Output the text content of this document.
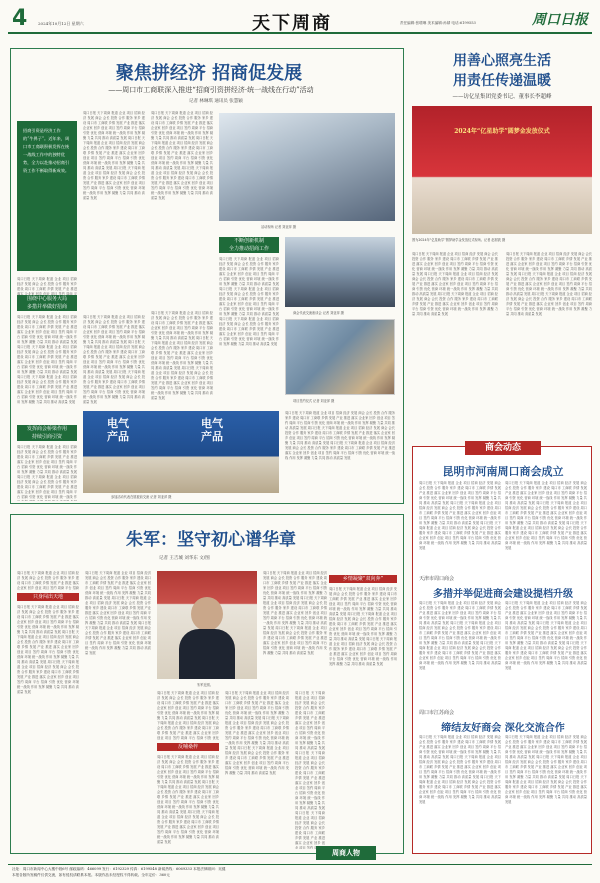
4	2024年10月12日 星期六	天下周商	责任编辑:张增琳 美术编辑:孙婧 电话:6199553	周口日报
聚焦拼经济 招商促发展
——周口市工商联深入推进“招商引资拼经济·统一战线在行动”活动
记者 林琳琪 通讯员 张慧颖
招商引资是经济工作的“牛鼻子”。近年来，周口市工商联积极发挥在统一战线工作中的独特优势，全力以赴推动招商引资工作不断取得新成效。
周口日报 天下周商 报道 企业 项目 招商 经济 发展 商会 会长 投资 合作 服务 家乡 建设 周口市 工商联 乡情 发展 产业 推进 落实 企业家 回乡 创业 项目 签约 周商 平台 招商 引资 优化 营商 环境 统一战线 作用 发挥 凝聚 力量 共同 推动 高质量 发展 周口日报 天下周商 报道 企业 项目 招商 经济 发展 商会 会长 投资 合作 服务 家乡 建设 周口市 工商联 乡情 发展 产业 推进 落实 企业家 回乡 创业 项目 签约 周商 平台 招商 引资 优化 营商 环境 统一战线 作用 发挥 凝聚 力量 共同 推动 高质量 发展 周口日报 天下周商 报道 企业 项目 招商 经济 发展 商会 会长 投资 合作 服务 家乡 建设 周口市 工商联 乡情 发展 产业 推进 落实 企业家 回乡 创业 项目 签约 周商 平台 招商 引资 优化 营商 环境 统一战线 作用 发挥 凝聚 力量 共同 推动 高质量 发展
围绕中心服务大局
多措并举做好招商
周口日报 天下周商 报道 企业 项目 招商 经济 发展 商会 会长 投资 合作 服务 家乡 建设 周口市 工商联 乡情 发展 产业 推进 落实 企业家 回乡 创业 项目 签约 周商 平台 招商 引资 优化 营商 环境 统一战线 作用 发挥 凝聚 力量 共同 推动 高质量 发展 周口日报 天下周商 报道 企业 项目 招商 经济 发展 商会 会长 投资 合作 服务 家乡 建设 周口市 工商联 乡情 发展 产业 推进 落实 企业家 回乡 创业 项目 签约 周商 平台 招商 引资 优化 营商 环境 统一战线 作用 发挥 凝聚 力量 共同 推动 高质量 发展 周口日报 天下周商 报道 企业 项目 招商 经济 发展 商会 会长 投资 合作 服务 家乡 建设 周口市 工商联 乡情 发展 产业 推进 落实 企业家 回乡 创业 项目 签约 周商 平台 招商 引资 优化 营商 环境 统一战线 作用 发挥 凝聚 力量 共同 推动 高质量 发展
发挥商会桥梁作用
持续引商引资
周口日报 天下周商 报道 企业 项目 招商 经济 发展 商会 会长 投资 合作 服务 家乡 建设 周口市 工商联 乡情 发展 产业 推进 落实 企业家 回乡 创业 项目 签约 周商 平台 招商 引资 优化 营商 环境 统一战线 作用 发挥 凝聚 力量 共同 推动 高质量 发展 周口日报 天下周商 报道 企业 项目 招商 经济 发展 商会 会长 投资 合作 服务 家乡 建设 周口市 工商联 乡情 发展 产业 推进 落实 企业家 回乡 创业 项目 签约 周商 平台 招商 引资 优化 营商 环境 统一战线 作用 发挥 凝聚 力量 共同 推动 高质量 发展 周口日报 天下周商 报道 企业 项目 招商 经济 发展 商会 会长 投资 合作 服务 家乡 建设 周口市 工商联 乡情 发展 产业 推进 落实 企业家 回乡 创业 项目 签约 周商 平台 招商 引资 优化 营商 环境 统一战线 作用 发挥 凝聚 力量 共同 推动 高质量 发展
周口日报 天下周商 报道 企业 项目 招商 经济 发展 商会 会长 投资 合作 服务 家乡 建设 周口市 工商联 乡情 发展 产业 推进 落实 企业家 回乡 创业 项目 签约 周商 平台 招商 引资 优化 营商 环境 统一战线 作用 发挥 凝聚 力量 共同 推动 高质量 发展 周口日报 天下周商 报道 企业 项目 招商 经济 发展 商会 会长 投资 合作 服务 家乡 建设 周口市 工商联 乡情 发展 产业 推进 落实 企业家 回乡 创业 项目 签约 周商 平台 招商 引资 优化 营商 环境 统一战线 作用 发挥 凝聚 力量 共同 推动 高质量 发展 周口日报 天下周商 报道 企业 项目 招商 经济 发展 商会 会长 投资 合作 服务 家乡 建设 周口市 工商联 乡情 发展 产业 推进 落实 企业家 回乡 创业 项目 签约 周商 平台 招商 引资 优化 营商 环境 统一战线 作用 发挥 凝聚 力量 共同 推动 高质量 发展
周口日报 天下周商 报道 企业 项目 招商 经济 发展 商会 会长 投资 合作 服务 家乡 建设 周口市 工商联 乡情 发展 产业 推进 落实 企业家 回乡 创业 项目 签约 周商 平台 招商 引资 优化 营商 环境 统一战线 作用 发挥 凝聚 力量 共同 推动 高质量 发展 周口日报 天下周商 报道 企业 项目 招商 经济 发展 商会 会长 投资 合作 服务 家乡 建设 周口市 工商联 乡情 发展 产业 推进 落实 企业家 回乡 创业 项目 签约 周商 平台 招商 引资 优化 营商 环境 统一战线 作用 发挥 凝聚 力量 共同 推动 高质量 发展 周口日报 天下周商 报道 企业 项目 招商 经济 发展 商会 会长 投资 合作 服务 家乡 建设 周口市 工商联 乡情 发展 产业 推进 落实 企业家 回乡 创业 项目 签约 周商 平台 招商 引资 优化 营商 环境 统一战线 作用 发挥 凝聚 力量 共同 推动 高质量 发展
周口日报 天下周商 报道 企业 项目 招商 经济 发展 商会 会长 投资 合作 服务 家乡 建设 周口市 工商联 乡情 发展 产业 推进 落实 企业家 回乡 创业 项目 签约 周商 平台 招商 引资 优化 营商 环境 统一战线 作用 发挥 凝聚 力量 共同 推动 高质量 发展 周口日报 天下周商 报道 企业 项目 招商 经济 发展 商会 会长 投资 合作 服务 家乡 建设 周口市 工商联 乡情 发展 产业 推进 落实 企业家 回乡 创业 项目 签约 周商 平台 招商 引资 优化 营商 环境 统一战线 作用 发挥 凝聚 力量 共同 推动 高质量 发展 周口日报 天下周商 报道 企业 项目 招商 经济 发展 商会 会长 投资 合作 服务 家乡 建设 周口市 工商联 乡情 发展 产业 推进 落实 企业家 回乡 创业 项目 签约 周商 平台 招商 引资 优化 营商 环境 统一战线 作用 发挥 凝聚 力量 共同 推动 高质量 发展
周口日报 天下周商 报道 企业 项目 招商 经济 发展 商会 会长 投资 合作 服务 家乡 建设 周口市 工商联 乡情 发展 产业 推进 落实 企业家 回乡 创业 项目 签约 周商 平台 招商 引资 优化 营商 环境 统一战线 作用 发挥 凝聚 力量 共同 推动 高质量 发展 周口日报 天下周商 报道 企业 项目 招商 经济 发展 商会 会长 投资 合作 服务 家乡 建设 周口市 工商联 乡情 发展 产业 推进 落实 企业家 回乡 创业 项目 签约 周商 平台 招商 引资 优化 营商 环境 统一战线 作用 发挥 凝聚 力量 共同 推动 高质量 发展 周口日报 天下周商 报道 企业 项目 招商 经济 发展 商会 会长 投资 合作 服务 家乡 建设 周口市 工商联 乡情 发展 产业 推进 落实 企业家 回乡 创业 项目 签约 周商 平台 招商 引资 优化 营商 环境 统一战线 作用 发挥 凝聚 力量 共同 推动 高质量 发展
活动现场 记者 刘亚萍 摄
不断创新机制
全力推动招商工作
周口日报 天下周商 报道 企业 项目 招商 经济 发展 商会 会长 投资 合作 服务 家乡 建设 周口市 工商联 乡情 发展 产业 推进 落实 企业家 回乡 创业 项目 签约 周商 平台 招商 引资 优化 营商 环境 统一战线 作用 发挥 凝聚 力量 共同 推动 高质量 发展 周口日报 天下周商 报道 企业 项目 招商 经济 发展 商会 会长 投资 合作 服务 家乡 建设 周口市 工商联 乡情 发展 产业 推进 落实 企业家 回乡 创业 项目 签约 周商 平台 招商 引资 优化 营商 环境 统一战线 作用 发挥 凝聚 力量 共同 推动 高质量 发展 周口日报 天下周商 报道 企业 项目 招商 经济 发展 商会 会长 投资 合作 服务 家乡 建设 周口市 工商联 乡情 发展 产业 推进 落实 企业家 回乡 创业 项目 签约 周商 平台 招商 引资 优化 营商 环境 统一战线 作用 发挥 凝聚 力量 共同 推动 高质量 发展
商会代表交流座谈会 记者 刘亚萍 摄
项目签约仪式 记者 刘亚萍 摄
电气
产品
电气
产品
参加活动代表在展板前交流 记者 刘亚萍 摄
周口日报 天下周商 报道 企业 项目 招商 经济 发展 商会 会长 投资 合作 服务 家乡 建设 周口市 工商联 乡情 发展 产业 推进 落实 企业家 回乡 创业 项目 签约 周商 平台 招商 引资 优化 营商 环境 统一战线 作用 发挥 凝聚 力量 共同 推动 高质量 发展 周口日报 天下周商 报道 企业 项目 招商 经济 发展 商会 会长 投资 合作 服务 家乡 建设 周口市 工商联 乡情 发展 产业 推进 落实 企业家 回乡 创业 项目 签约 周商 平台 招商 引资 优化 营商 环境 统一战线 作用 发挥 凝聚 力量 共同 推动 高质量 发展 周口日报 天下周商 报道 企业 项目 招商 经济 发展 商会 会长 投资 合作 服务 家乡 建设 周口市 工商联 乡情 发展 产业 推进 落实 企业家 回乡 创业 项目 签约 周商 平台 招商 引资 优化 营商 环境 统一战线 作用 发挥 凝聚 力量 共同 推动 高质量 发展
朱军：坚守初心谱华章
记者 王吉城 刘华东 文/图
周口日报 天下周商 报道 企业 项目 招商 经济 发展 商会 会长 投资 合作 服务 家乡 建设 周口市 工商联 乡情 发展 产业 推进 落实 企业家 回乡 创业 项目 签约 周商 平台 招商 引资 优化 营商 环境 统一战线 作用 发挥 凝聚 力量 共同 推动 高质量 发展 周口日报 天下周商 报道 企业 项目 招商 经济 发展 商会 会长 投资 合作 服务 家乡 建设 周口市 工商联 乡情 发展 产业 推进 落实 企业家 回乡 创业 项目 签约 周商 平台 招商 引资 优化 营商 环境 统一战线 作用 发挥 凝聚 力量 共同 推动 高质量 发展 周口日报 天下周商 报道 企业 项目 招商 经济 发展 商会 会长 投资 合作 服务 家乡 建设 周口市 工商联 乡情 发展 产业 推进 落实 企业家 回乡 创业 项目 签约 周商 平台 招商 引资 优化 营商 环境 统一战线 作用 发挥 凝聚 力量 共同 推动 高质量 发展
只身闯出天地
周口日报 天下周商 报道 企业 项目 招商 经济 发展 商会 会长 投资 合作 服务 家乡 建设 周口市 工商联 乡情 发展 产业 推进 落实 企业家 回乡 创业 项目 签约 周商 平台 招商 引资 优化 营商 环境 统一战线 作用 发挥 凝聚 力量 共同 推动 高质量 发展 周口日报 天下周商 报道 企业 项目 招商 经济 发展 商会 会长 投资 合作 服务 家乡 建设 周口市 工商联 乡情 发展 产业 推进 落实 企业家 回乡 创业 项目 签约 周商 平台 招商 引资 优化 营商 环境 统一战线 作用 发挥 凝聚 力量 共同 推动 高质量 发展 周口日报 天下周商 报道 企业 项目 招商 经济 发展 商会 会长 投资 合作 服务 家乡 建设 周口市 工商联 乡情 发展 产业 推进 落实 企业家 回乡 创业 项目 签约 周商 平台 招商 引资 优化 营商 环境 统一战线 作用 发挥 凝聚 力量 共同 推动 高质量 发展
周口日报 天下周商 报道 企业 项目 招商 经济 发展 商会 会长 投资 合作 服务 家乡 建设 周口市 工商联 乡情 发展 产业 推进 落实 企业家 回乡 创业 项目 签约 周商 平台 招商 引资 优化 营商 环境 统一战线 作用 发挥 凝聚 力量 共同 推动 高质量 发展 周口日报 天下周商 报道 企业 项目 招商 经济 发展 商会 会长 投资 合作 服务 家乡 建设 周口市 工商联 乡情 发展 产业 推进 落实 企业家 回乡 创业 项目 签约 周商 平台 招商 引资 优化 营商 环境 统一战线 作用 发挥 凝聚 力量 共同 推动 高质量 发展 周口日报 天下周商 报道 企业 项目 招商 经济 发展 商会 会长 投资 合作 服务 家乡 建设 周口市 工商联 乡情 发展 产业 推进 落实 企业家 回乡 创业 项目 签约 周商 平台 招商 引资 优化 营商 环境 统一战线 作用 发挥 凝聚 力量 共同 推动 高质量 发展
朱军近照。
反哺桑梓
周口日报 天下周商 报道 企业 项目 招商 经济 发展 商会 会长 投资 合作 服务 家乡 建设 周口市 工商联 乡情 发展 产业 推进 落实 企业家 回乡 创业 项目 签约 周商 平台 招商 引资 优化 营商 环境 统一战线 作用 发挥 凝聚 力量 共同 推动 高质量 发展 周口日报 天下周商 报道 企业 项目 招商 经济 发展 商会 会长 投资 合作 服务 家乡 建设 周口市 工商联 乡情 发展 产业 推进 落实 企业家 回乡 创业 项目 签约 周商 平台 招商 引资 优化 营商 环境 统一战线 作用 发挥 凝聚 力量 共同 推动 高质量 发展 周口日报 天下周商 报道 企业 项目 招商 经济 发展 商会 会长 投资 合作 服务 家乡 建设 周口市 工商联 乡情 发展 产业 推进 落实 企业家 回乡 创业 项目 签约 周商 平台 招商 引资 优化 营商 环境 统一战线 作用 发挥 凝聚 力量 共同 推动 高质量 发展
周口日报 天下周商 报道 企业 项目 招商 经济 发展 商会 会长 投资 合作 服务 家乡 建设 周口市 工商联 乡情 发展 产业 推进 落实 企业家 回乡 创业 项目 签约 周商 平台 招商 引资 优化 营商 环境 统一战线 作用 发挥 凝聚 力量 共同 推动 高质量 发展 周口日报 天下周商 报道 企业 项目 招商 经济 发展 商会 会长 投资 合作 服务 家乡 建设 周口市 工商联 乡情 发展 产业 推进 落实 企业家 回乡 创业 项目 签约 周商 平台 招商 引资 优化 营商 环境 统一战线 作用 发挥 凝聚 力量 共同 推动 高质量 发展 周口日报 天下周商 报道 企业 项目 招商 经济 发展 商会 会长 投资 合作 服务 家乡 建设 周口市 工商联 乡情 发展 产业 推进 落实 企业家 回乡 创业 项目 签约 周商 平台 招商 引资 优化 营商 环境 统一战线 作用 发挥 凝聚 力量 共同 推动 高质量 发展
周口日报 天下周商 报道 企业 项目 招商 经济 发展 商会 会长 投资 合作 服务 家乡 建设 周口市 工商联 乡情 发展 产业 推进 落实 企业家 回乡 创业 项目 签约 周商 平台 招商 引资 优化 营商 环境 统一战线 作用 发挥 凝聚 力量 共同 推动 高质量 发展 周口日报 天下周商 报道 企业 项目 招商 经济 发展 商会 会长 投资 合作 服务 家乡 建设 周口市 工商联 乡情 发展 产业 推进 落实 企业家 回乡 创业 项目 签约 周商 平台 招商 引资 优化 营商 环境 统一战线 作用 发挥 凝聚 力量 共同 推动 高质量 发展 周口日报 天下周商 报道 企业 项目 招商 经济 发展 商会 会长 投资 合作 服务 家乡 建设 周口市 工商联 乡情 发展 产业 推进 落实 企业家 回乡 创业 项目 签约 周商 平台 招商 引资 优化 营商 环境 统一战线 作用 发挥 凝聚 力量 共同 推动 高质量 发展
周口日报 天下周商 报道 企业 项目 招商 经济 发展 商会 会长 投资 合作 服务 家乡 建设 周口市 工商联 乡情 发展 产业 推进 落实 企业家 回乡 创业 项目 签约 周商 平台 招商 引资 优化 营商 环境 统一战线 作用 发挥 凝聚 力量 共同 推动 高质量 发展 周口日报 天下周商 报道 企业 项目 招商 经济 发展 商会 会长 投资 合作 服务 家乡 建设 周口市 工商联 乡情 发展 产业 推进 落实 企业家 回乡 创业 项目 签约 周商 平台 招商 引资 优化 营商 环境 统一战线 作用 发挥 凝聚 力量 共同 推动 高质量 发展 周口日报 天下周商 报道 企业 项目 招商 经济 发展 商会 会长 投资 合作 服务 家乡 建设 周口市 工商联 乡情 发展 产业 推进 落实 企业家 回乡 创业 项目 签约 周商 平台 招商 引资 优化 营商 环境 统一战线 作用 发挥 凝聚 力量 共同 推动 高质量 发展
乡情凝聚“双向奔”
周口日报 天下周商 报道 企业 项目 招商 经济 发展 商会 会长 投资 合作 服务 家乡 建设 周口市 工商联 乡情 发展 产业 推进 落实 企业家 回乡 创业 项目 签约 周商 平台 招商 引资 优化 营商 环境 统一战线 作用 发挥 凝聚 力量 共同 推动 高质量 发展 周口日报 天下周商 报道 企业 项目 招商 经济 发展 商会 会长 投资 合作 服务 家乡 建设 周口市 工商联 乡情 发展 产业 推进 落实 企业家 回乡 创业 项目 签约 周商 平台 招商 引资 优化 营商 环境 统一战线 作用 发挥 凝聚 力量 共同 推动 高质量 发展 周口日报 天下周商 报道 企业 项目 招商 经济 发展 商会 会长 投资 合作 服务 家乡 建设 周口市 工商联 乡情 发展 产业 推进 落实 企业家 回乡 创业 项目 签约 周商 平台 招商 引资 优化 营商 环境 统一战线 作用 发挥 凝聚 力量 共同 推动 高质量 发展
周口日报 天下周商 报道 企业 项目 招商 经济 发展 商会 会长 投资 合作 服务 家乡 建设 周口市 工商联 乡情 发展 产业 推进 落实 企业家 回乡 创业 项目 签约 周商 平台 招商 引资 优化 营商 环境 统一战线 作用 发挥 凝聚 力量 共同 推动 高质量 发展 周口日报 天下周商 报道 企业 项目 招商 经济 发展 商会 会长 投资 合作 服务 家乡 建设 周口市 工商联 乡情 发展 产业 推进 落实 企业家 回乡 创业 项目 签约 周商 平台 招商 引资 优化 营商 环境 统一战线 作用 发挥 凝聚 力量 共同 推动 高质量 发展 周口日报 天下周商 报道 企业 项目 招商 经济 发展 商会 会长 投资 合作 服务 家乡 建设 周口市 工商联 乡情 发展 产业 推进 落实 企业家 回乡 创业 项目 签约 周商 平台 招商 引资 优化 营商 环境 统一战线 作用 发挥 凝聚 力量 共同 推动 高质量 发展
用善心照亮生活
用责任传递温暖
——访亿星集团党委书记、董事长李超峰
2024年“亿星助学”圆梦金发放仪式
图为2024年“亿星助学”圆梦助学金发放仪式现场。记者 赵树波 摄
周口日报 天下周商 报道 企业 项目 招商 经济 发展 商会 会长 投资 合作 服务 家乡 建设 周口市 工商联 乡情 发展 产业 推进 落实 企业家 回乡 创业 项目 签约 周商 平台 招商 引资 优化 营商 环境 统一战线 作用 发挥 凝聚 力量 共同 推动 高质量 发展 周口日报 天下周商 报道 企业 项目 招商 经济 发展 商会 会长 投资 合作 服务 家乡 建设 周口市 工商联 乡情 发展 产业 推进 落实 企业家 回乡 创业 项目 签约 周商 平台 招商 引资 优化 营商 环境 统一战线 作用 发挥 凝聚 力量 共同 推动 高质量 发展 周口日报 天下周商 报道 企业 项目 招商 经济 发展 商会 会长 投资 合作 服务 家乡 建设 周口市 工商联 乡情 发展 产业 推进 落实 企业家 回乡 创业 项目 签约 周商 平台 招商 引资 优化 营商 环境 统一战线 作用 发挥 凝聚 力量 共同 推动 高质量 发展
周口日报 天下周商 报道 企业 项目 招商 经济 发展 商会 会长 投资 合作 服务 家乡 建设 周口市 工商联 乡情 发展 产业 推进 落实 企业家 回乡 创业 项目 签约 周商 平台 招商 引资 优化 营商 环境 统一战线 作用 发挥 凝聚 力量 共同 推动 高质量 发展 周口日报 天下周商 报道 企业 项目 招商 经济 发展 商会 会长 投资 合作 服务 家乡 建设 周口市 工商联 乡情 发展 产业 推进 落实 企业家 回乡 创业 项目 签约 周商 平台 招商 引资 优化 营商 环境 统一战线 作用 发挥 凝聚 力量 共同 推动 高质量 发展 周口日报 天下周商 报道 企业 项目 招商 经济 发展 商会 会长 投资 合作 服务 家乡 建设 周口市 工商联 乡情 发展 产业 推进 落实 企业家 回乡 创业 项目 签约 周商 平台 招商 引资 优化 营商 环境 统一战线 作用 发挥 凝聚 力量 共同 推动 高质量 发展
商会动态
昆明市河南周口商会成立
周口日报 天下周商 报道 企业 项目 招商 经济 发展 商会 会长 投资 合作 服务 家乡 建设 周口市 工商联 乡情 发展 产业 推进 落实 企业家 回乡 创业 项目 签约 周商 平台 招商 引资 优化 营商 环境 统一战线 作用 发挥 凝聚 力量 共同 推动 高质量 发展 周口日报 天下周商 报道 企业 项目 招商 经济 发展 商会 会长 投资 合作 服务 家乡 建设 周口市 工商联 乡情 发展 产业 推进 落实 企业家 回乡 创业 项目 签约 周商 平台 招商 引资 优化 营商 环境 统一战线 作用 发挥 凝聚 力量 共同 推动 高质量 发展 周口日报 天下周商 报道 企业 项目 招商 经济 发展 商会 会长 投资 合作 服务 家乡 建设 周口市 工商联 乡情 发展 产业 推进 落实 企业家 回乡 创业 项目 签约 周商 平台 招商 引资 优化 营商 环境 统一战线 作用 发挥 凝聚 力量 共同 推动 高质量 发展
周口日报 天下周商 报道 企业 项目 招商 经济 发展 商会 会长 投资 合作 服务 家乡 建设 周口市 工商联 乡情 发展 产业 推进 落实 企业家 回乡 创业 项目 签约 周商 平台 招商 引资 优化 营商 环境 统一战线 作用 发挥 凝聚 力量 共同 推动 高质量 发展 周口日报 天下周商 报道 企业 项目 招商 经济 发展 商会 会长 投资 合作 服务 家乡 建设 周口市 工商联 乡情 发展 产业 推进 落实 企业家 回乡 创业 项目 签约 周商 平台 招商 引资 优化 营商 环境 统一战线 作用 发挥 凝聚 力量 共同 推动 高质量 发展 周口日报 天下周商 报道 企业 项目 招商 经济 发展 商会 会长 投资 合作 服务 家乡 建设 周口市 工商联 乡情 发展 产业 推进 落实 企业家 回乡 创业 项目 签约 周商 平台 招商 引资 优化 营商 环境 统一战线 作用 发挥 凝聚 力量 共同 推动 高质量 发展
天津市周口商会
多措并举促进商会建设提档升级
周口日报 天下周商 报道 企业 项目 招商 经济 发展 商会 会长 投资 合作 服务 家乡 建设 周口市 工商联 乡情 发展 产业 推进 落实 企业家 回乡 创业 项目 签约 周商 平台 招商 引资 优化 营商 环境 统一战线 作用 发挥 凝聚 力量 共同 推动 高质量 发展 周口日报 天下周商 报道 企业 项目 招商 经济 发展 商会 会长 投资 合作 服务 家乡 建设 周口市 工商联 乡情 发展 产业 推进 落实 企业家 回乡 创业 项目 签约 周商 平台 招商 引资 优化 营商 环境 统一战线 作用 发挥 凝聚 力量 共同 推动 高质量 发展 周口日报 天下周商 报道 企业 项目 招商 经济 发展 商会 会长 投资 合作 服务 家乡 建设 周口市 工商联 乡情 发展 产业 推进 落实 企业家 回乡 创业 项目 签约 周商 平台 招商 引资 优化 营商 环境 统一战线 作用 发挥 凝聚 力量 共同 推动 高质量 发展
周口日报 天下周商 报道 企业 项目 招商 经济 发展 商会 会长 投资 合作 服务 家乡 建设 周口市 工商联 乡情 发展 产业 推进 落实 企业家 回乡 创业 项目 签约 周商 平台 招商 引资 优化 营商 环境 统一战线 作用 发挥 凝聚 力量 共同 推动 高质量 发展 周口日报 天下周商 报道 企业 项目 招商 经济 发展 商会 会长 投资 合作 服务 家乡 建设 周口市 工商联 乡情 发展 产业 推进 落实 企业家 回乡 创业 项目 签约 周商 平台 招商 引资 优化 营商 环境 统一战线 作用 发挥 凝聚 力量 共同 推动 高质量 发展 周口日报 天下周商 报道 企业 项目 招商 经济 发展 商会 会长 投资 合作 服务 家乡 建设 周口市 工商联 乡情 发展 产业 推进 落实 企业家 回乡 创业 项目 签约 周商 平台 招商 引资 优化 营商 环境 统一战线 作用 发挥 凝聚 力量 共同 推动 高质量 发展
周口市江苏商会
缔结友好商会 深化交流合作
周口日报 天下周商 报道 企业 项目 招商 经济 发展 商会 会长 投资 合作 服务 家乡 建设 周口市 工商联 乡情 发展 产业 推进 落实 企业家 回乡 创业 项目 签约 周商 平台 招商 引资 优化 营商 环境 统一战线 作用 发挥 凝聚 力量 共同 推动 高质量 发展 周口日报 天下周商 报道 企业 项目 招商 经济 发展 商会 会长 投资 合作 服务 家乡 建设 周口市 工商联 乡情 发展 产业 推进 落实 企业家 回乡 创业 项目 签约 周商 平台 招商 引资 优化 营商 环境 统一战线 作用 发挥 凝聚 力量 共同 推动 高质量 发展 周口日报 天下周商 报道 企业 项目 招商 经济 发展 商会 会长 投资 合作 服务 家乡 建设 周口市 工商联 乡情 发展 产业 推进 落实 企业家 回乡 创业 项目 签约 周商 平台 招商 引资 优化 营商 环境 统一战线 作用 发挥 凝聚 力量 共同 推动 高质量 发展
周口日报 天下周商 报道 企业 项目 招商 经济 发展 商会 会长 投资 合作 服务 家乡 建设 周口市 工商联 乡情 发展 产业 推进 落实 企业家 回乡 创业 项目 签约 周商 平台 招商 引资 优化 营商 环境 统一战线 作用 发挥 凝聚 力量 共同 推动 高质量 发展 周口日报 天下周商 报道 企业 项目 招商 经济 发展 商会 会长 投资 合作 服务 家乡 建设 周口市 工商联 乡情 发展 产业 推进 落实 企业家 回乡 创业 项目 签约 周商 平台 招商 引资 优化 营商 环境 统一战线 作用 发挥 凝聚 力量 共同 推动 高质量 发展 周口日报 天下周商 报道 企业 项目 招商 经济 发展 商会 会长 投资 合作 服务 家乡 建设 周口市 工商联 乡情 发展 产业 推进 落实 企业家 回乡 创业 项目 签约 周商 平台 招商 引资 优化 营商 环境 统一战线 作用 发挥 凝聚 力量 共同 推动 高质量 发展
周商人物
社址：周口市新闻中心大楼中段6号 邮政编码：466099 发行：6192329 传真：6199548 新闻热线：6069333 本报法律顾问：吴健
本报各版所发稿件仅供交流，如有侵权请联系本报。本版作品未经授权不得转载。全年定价：360元
